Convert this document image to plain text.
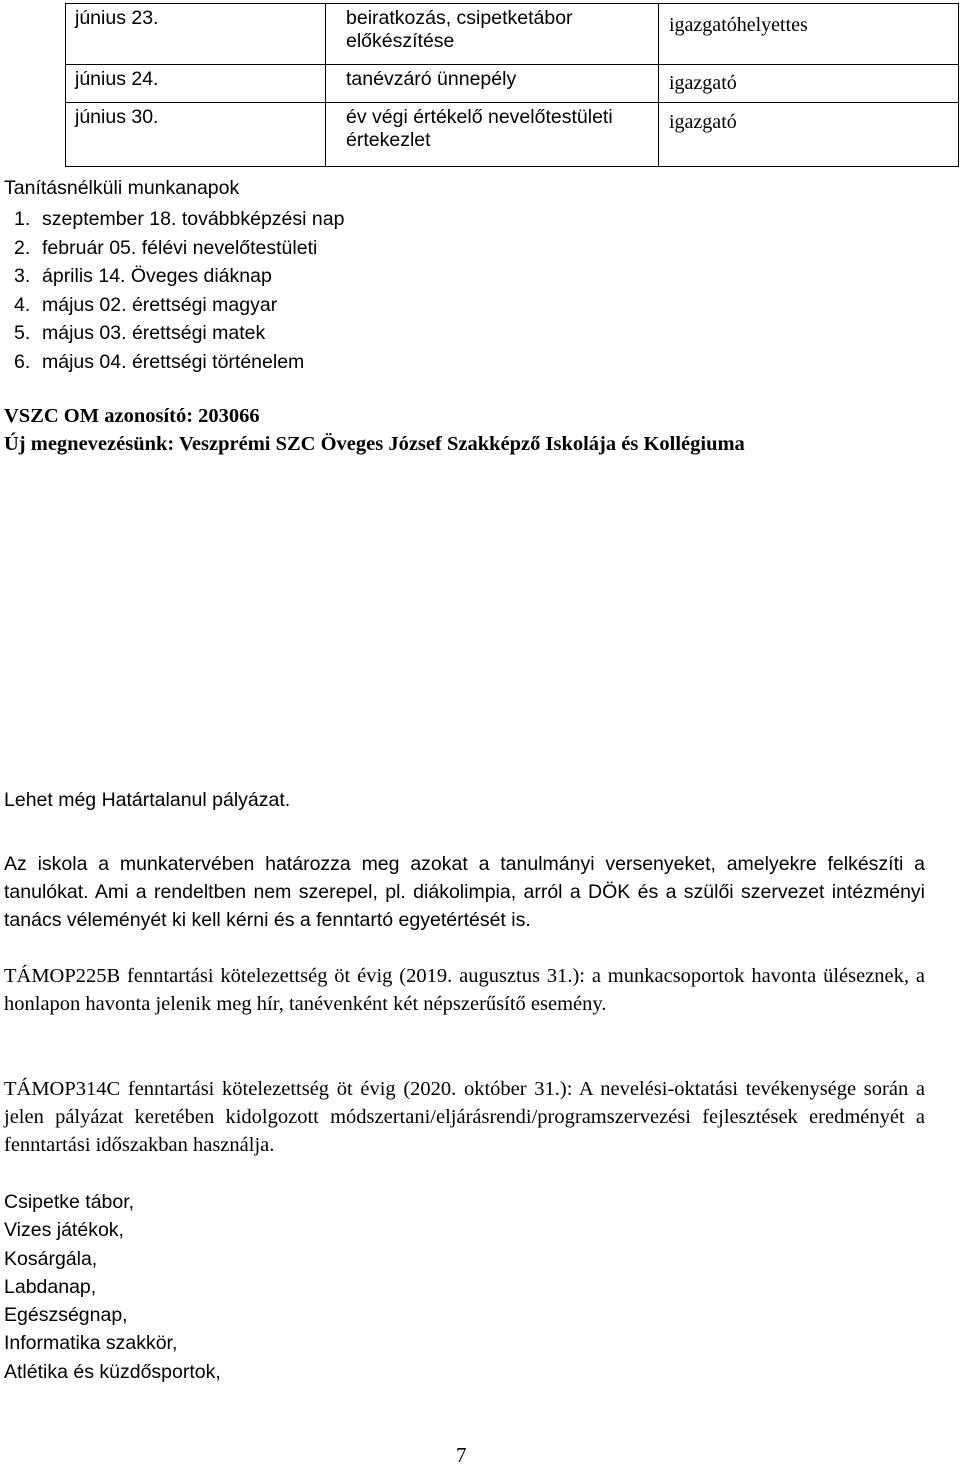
június 23.	beiratkozás, csipetketábor előkészítése	igazgatóhelyettes
június 24.	tanévzáró ünnepély	igazgató
június 30.	év végi értékelő nevelőtestületi értekezlet	igazgató
Tanításnélküli munkanapok
1. szeptember 18. továbbképzési nap
2. február 05. félévi nevelőtestületi
3. április 14. Öveges diáknap
4. május 02. érettségi magyar
5. május 03. érettségi matek
6. május 04. érettségi történelem
VSZC OM azonosító: 203066
Új megnevezésünk: Veszprémi SZC Öveges József Szakképző Iskolája és Kollégiuma
Lehet még Határtalanul pályázat.
Az iskola a munkatervében határozza meg azokat a tanulmányi versenyeket, amelyekre felkészíti a tanulókat. Ami a rendeltben nem szerepel, pl. diákolimpia, arról a DÖK és a szülői szervezet intézményi tanács véleményét ki kell kérni és a fenntartó egyetértését is.
TÁMOP225B fenntartási kötelezettség öt évig (2019. augusztus 31.): a munkacsoportok havonta üléseznek, a honlapon havonta jelenik meg hír, tanévenként két népszerűsítő esemény.
TÁMOP314C fenntartási kötelezettség öt évig (2020. október 31.): A nevelési-oktatási tevékenysége során a jelen pályázat keretében kidolgozott módszertani/eljárásrendi/programszervezési fejlesztések eredményét a fenntartási időszakban használja.
Csipetke tábor,
Vizes játékok,
Kosárgála,
Labdanap,
Egészségnap,
Informatika szakkör,
Atlétika és küzdősportok,
7
